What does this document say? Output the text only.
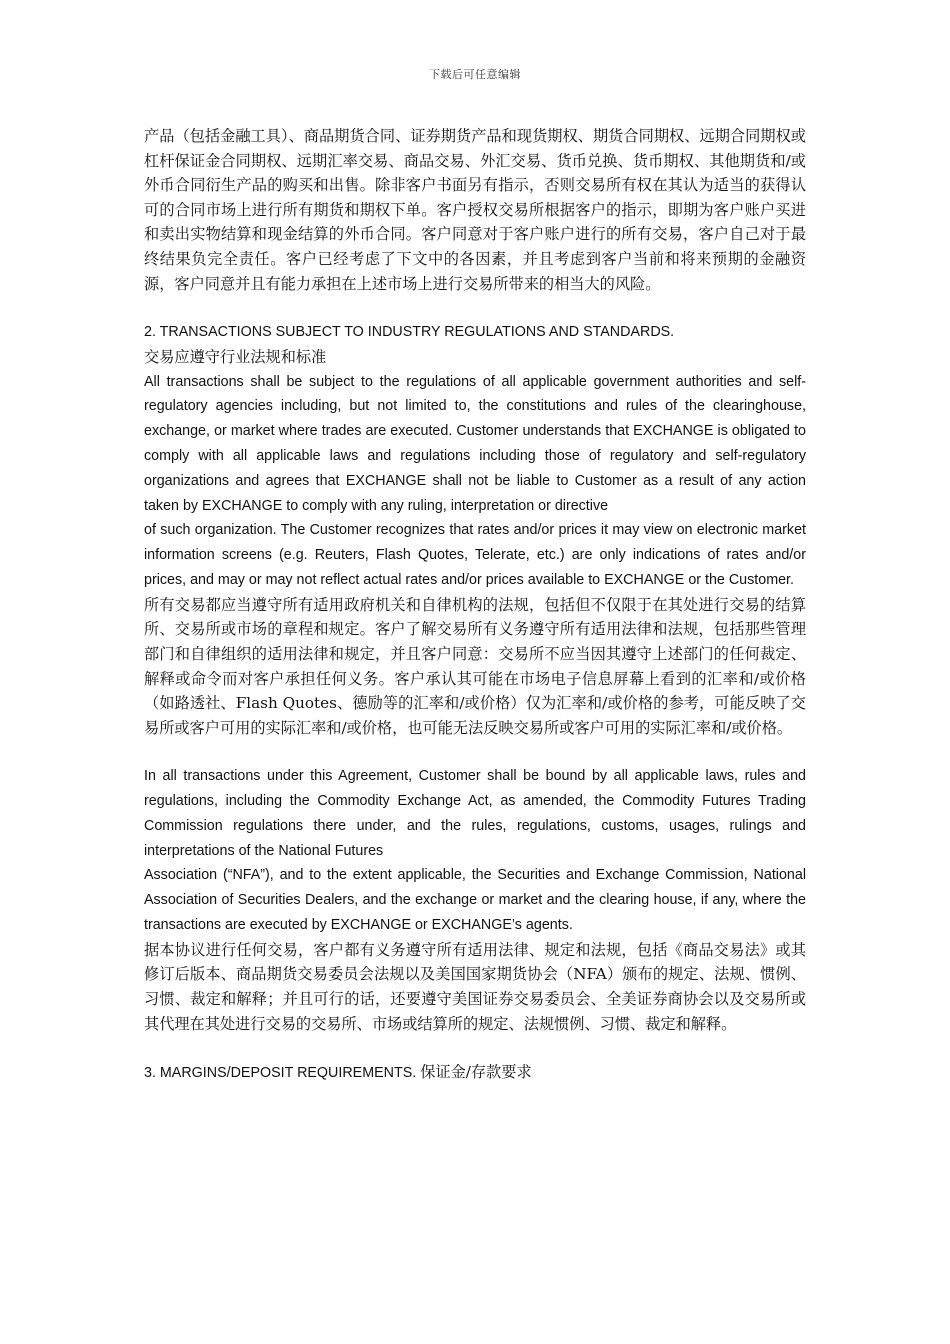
下载后可任意编辑

产品（包括金融工具）、商品期货合同、证券期货产品和现货期权、期货合同期权、远期合同期权或杠杆保证金合同期权、远期汇率交易、商品交易、外汇交易、货币兑换、货币期权、其他期货和/或外币合同衍生产品的购买和出售。除非客户书面另有指示，否则交易所有权在其认为适当的获得认可的合同市场上进行所有期货和期权下单。客户授权交易所根据客户的指示，即期为客户账户买进和卖出实物结算和现金结算的外币合同。客户同意对于客户账户进行的所有交易，客户自己对于最终结果负完全责任。客户已经考虑了下文中的各因素，并且考虑到客户当前和将来预期的金融资源，客户同意并且有能力承担在上述市场上进行交易所带来的相当大的风险。

2. TRANSACTIONS SUBJECT TO INDUSTRY REGULATIONS AND STANDARDS.

交易应遵守行业法规和标准

All transactions shall be subject to the regulations of all applicable government authorities and self-regulatory agencies including, but not limited to, the constitutions and rules of the clearinghouse, exchange, or market where trades are executed. Customer understands that EXCHANGE is obligated to comply with all applicable laws and regulations including those of regulatory and self-regulatory organizations and agrees that EXCHANGE shall not be liable to Customer as a result of any action taken by EXCHANGE to comply with any ruling, interpretation or directive

of such organization. The Customer recognizes that rates and/or prices it may view on electronic market information screens (e.g. Reuters, Flash Quotes, Telerate, etc.) are only indications of rates and/or prices, and may or may not reflect actual rates and/or prices available to EXCHANGE or the Customer.

所有交易都应当遵守所有适用政府机关和自律机构的法规，包括但不仅限于在其处进行交易的结算所、交易所或市场的章程和规定。客户了解交易所有义务遵守所有适用法律和法规，包括那些管理部门和自律组织的适用法律和规定，并且客户同意：交易所不应当因其遵守上述部门的任何裁定、解释或命令而对客户承担任何义务。客户承认其可能在市场电子信息屏幕上看到的汇率和/或价格（如路透社、Flash Quotes、德励等的汇率和/或价格）仅为汇率和/或价格的参考，可能反映了交易所或客户可用的实际汇率和/或价格，也可能无法反映交易所或客户可用的实际汇率和/或价格。

In all transactions under this Agreement, Customer shall be bound by all applicable laws, rules and regulations, including the Commodity Exchange Act, as amended, the Commodity Futures Trading Commission regulations there under, and the rules, regulations, customs, usages, rulings and interpretations of the National Futures

Association (“NFA”), and to the extent applicable, the Securities and Exchange Commission, National Association of Securities Dealers, and the exchange or market and the clearing house, if any, where the transactions are executed by EXCHANGE or EXCHANGE’s agents.

据本协议进行任何交易，客户都有义务遵守所有适用法律、规定和法规，包括《商品交易法》或其修订后版本、商品期货交易委员会法规以及美国国家期货协会（NFA）颁布的规定、法规、惯例、习惯、裁定和解释；并且可行的话，还要遵守美国证券交易委员会、全美证券商协会以及交易所或其代理在其处进行交易的交易所、市场或结算所的规定、法规惯例、习惯、裁定和解释。

3. MARGINS/DEPOSIT REQUIREMENTS. 保证金/存款要求
